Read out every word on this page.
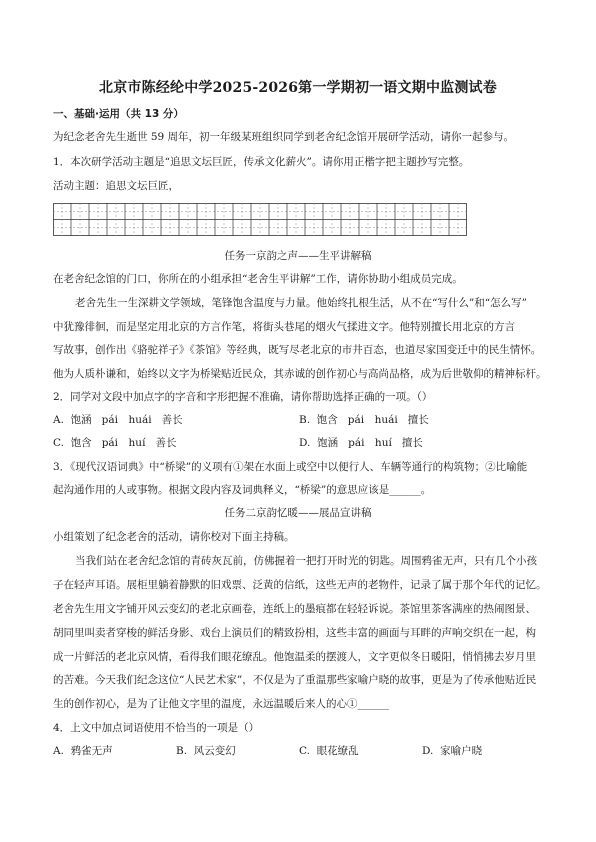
北京市陈经纶中学2025-2026第一学期初一语文期中监测试卷
一、基础·运用（共 13 分）
为纪念老舍先生逝世 59 周年，初一年级某班组织同学到老舍纪念馆开展研学活动，请你一起参与。
1．本次研学活动主题是“追思文坛巨匠，传承文化薪火”。请你用正楷字把主题抄写完整。
活动主题：追思文坛巨匠，
任务一京韵之声——生平讲解稿
在老舍纪念馆的门口，你所在的小组承担“老舍生平讲解”工作，请你协助小组成员完成。
老舍先生一生深耕文学领域，笔锋饱含温度与力量。他始终扎根生活，从不在“写什么”和“怎么写”
中犹豫徘徊，而是坚定用北京的方言作笔，将街头巷尾的烟火气揉进文字。他特别擅长用北京的方言
写故事，创作出《骆驼祥子》《茶馆》等经典，既写尽老北京的市井百态，也道尽家国变迁中的民生情怀。
他为人质朴谦和，始终以文字为桥梁贴近民众，其赤诚的创作初心与高尚品格，成为后世敬仰的精神标杆。
2．同学对文段中加点字的字音和字形把握不准确，请你帮助选择正确的一项。（）
A. 饱涵 pái　huái 善长	B. 饱含 pái　huái 擅长
C. 饱含 pái　huí 善长	D. 饱涵 pái　huí 擅长
3．《现代汉语词典》中“桥梁”的义项有①架在水面上或空中以便行人、车辆等通行的构筑物；②比喻能
起沟通作用的人或事物。根据文段内容及词典释义，“桥梁”的意思应该是______。
任务二京韵忆暖——展品宣讲稿
小组策划了纪念老舍的活动，请你校对下面主持稿。
当我们站在老舍纪念馆的青砖灰瓦前，仿佛握着一把打开时光的钥匙。周围鸦雀无声，只有几个小孩
子在轻声耳语。展柜里躺着静默的旧戏票、泛黄的信纸，这些无声的老物件，记录了属于那个年代的记忆。
老舍先生用文字铺开风云变幻的老北京画卷，连纸上的墨痕都在轻轻诉说。茶馆里茶客满座的热闹图景、
胡同里叫卖者穿梭的鲜活身影、戏台上演员们的精致扮相，这些丰富的画面与耳畔的声响交织在一起，构
成一片鲜活的老北京风情，看得我们眼花缭乱。他饱温柔的摆渡人，文字更似冬日暖阳，悄悄拂去岁月里
的苦难。今天我们纪念这位“人民艺术家”，不仅是为了重温那些家喻户晓的故事，更是为了传承他贴近民
生的创作初心，是为了让他文字里的温度，永远温暖后来人的心①______
4．上文中加点词语使用不恰当的一项是（）
A. 鸦雀无声	B. 风云变幻	C. 眼花缭乱	D. 家喻户晓
